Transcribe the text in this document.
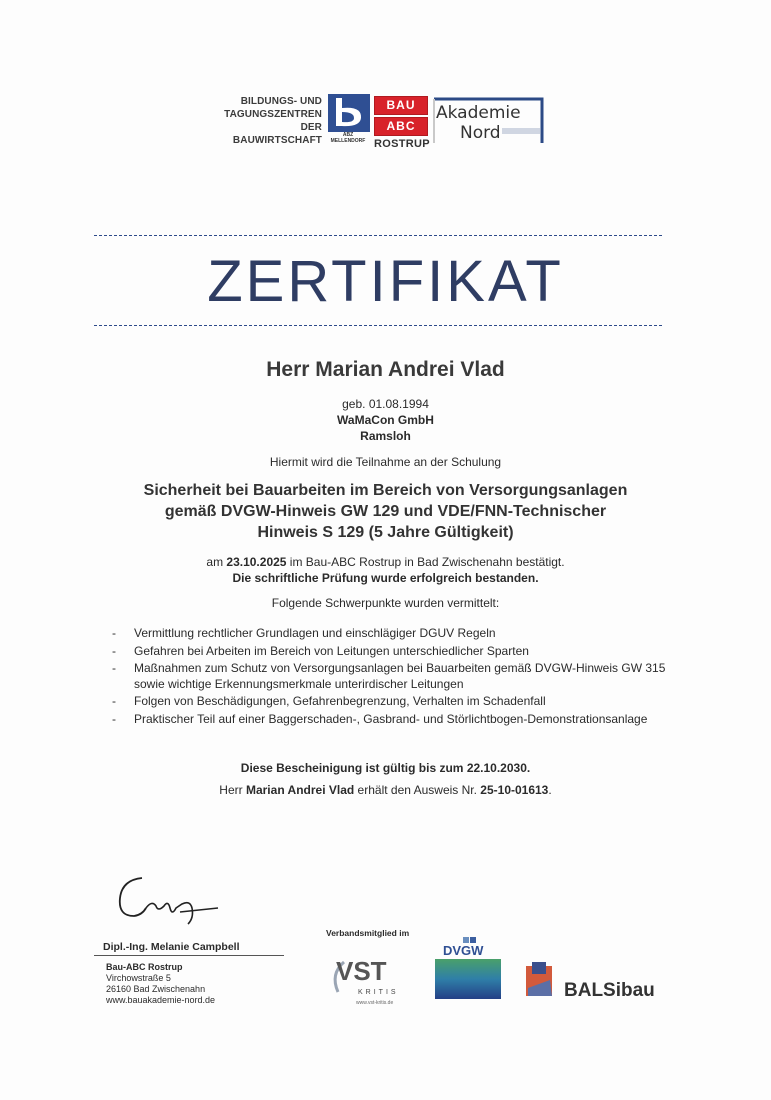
BILDUNGS- UND
TAGUNGSZENTREN
DER BAUWIRTSCHAFT	ABZ
MELLENDORF
BAU
ABC
ROSTRUP
Akademie
Nord
ZERTIFIKAT
Herr Marian Andrei Vlad
geb. 01.08.1994
WaMaCon GmbH
Ramsloh
Hiermit wird die Teilnahme an der Schulung
Sicherheit bei Bauarbeiten im Bereich von Versorgungsanlagen
gemäß DVGW-Hinweis GW 129 und VDE/FNN-Technischer
Hinweis S 129 (5 Jahre Gültigkeit)
am 23.10.2025 im Bau-ABC Rostrup in Bad Zwischenahn bestätigt.
Die schriftliche Prüfung wurde erfolgreich bestanden.
Folgende Schwerpunkte wurden vermittelt:
-	Vermittlung rechtlicher Grundlagen und einschlägiger DGUV Regeln
-	Gefahren bei Arbeiten im Bereich von Leitungen unterschiedlicher Sparten
-	Maßnahmen zum Schutz von Versorgungsanlagen bei Bauarbeiten gemäß DVGW-Hinweis GW 315 sowie wichtige Erkennungsmerkmale unterirdischer Leitungen
-	Folgen von Beschädigungen, Gefahrenbegrenzung, Verhalten im Schadenfall
-	Praktischer Teil auf einer Baggerschaden-, Gasbrand- und Störlichtbogen-Demonstrationsanlage
Diese Bescheinigung ist gültig bis zum 22.10.2030.
Herr Marian Andrei Vlad erhält den Ausweis Nr. 25-10-01613.
Dipl.-Ing. Melanie Campbell
Bau-ABC Rostrup
Virchowstraße 5
26160 Bad Zwischenahn
www.bauakademie-nord.de
Verbandsmitglied im
VST
KRITIS
www.vst-kritis.de
DVGW
BALSibau
